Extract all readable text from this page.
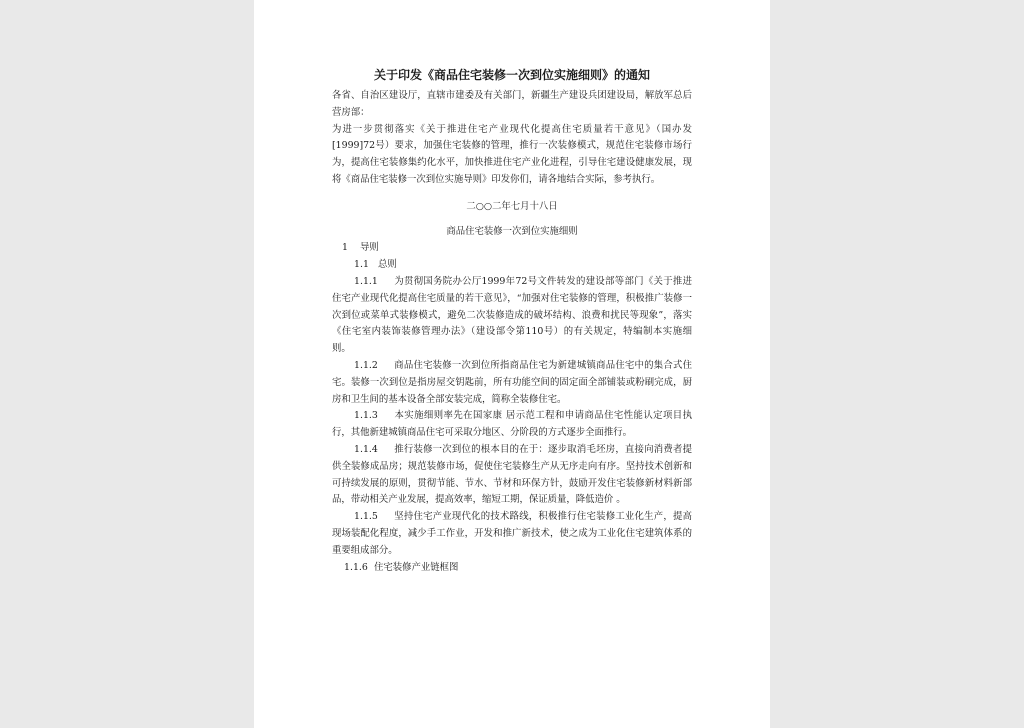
关于印发《商品住宅装修一次到位实施细则》的通知

各省、自治区建设厅，直辖市建委及有关部门，新疆生产建设兵团建设局，解放军总后营房部：

为进一步贯彻落实《关于推进住宅产业现代化提高住宅质量若干意见》（国办发[1999]72号）要求，加强住宅装修的管理，推行一次装修模式，规范住宅装修市场行为，提高住宅装修集约化水平，加快推进住宅产业化进程，引导住宅建设健康发展，现将《商品住宅装修一次到位实施导则》印发你们，请各地结合实际，参考执行。

二○○二年七月十八日

商品住宅装修一次到位实施细则

1 导则

1.1 总则

1.1.1 为贯彻国务院办公厅1999年72号文件转发的建设部等部门《关于推进住宅产业现代化提高住宅质量的若干意见》，“加强对住宅装修的管理，积极推广装修一次到位或菜单式装修模式，避免二次装修造成的破坏结构、浪费和扰民等现象”，落实《住宅室内装饰装修管理办法》（建设部令第110号）的有关规定，特编制本实施细则。

1.1.2 商品住宅装修一次到位所指商品住宅为新建城镇商品住宅中的集合式住宅。装修一次到位是指房屋交钥匙前，所有功能空间的固定面全部铺装或粉刷完成，厨房和卫生间的基本设备全部安装完成，简称全装修住宅。

1.1.3 本实施细则率先在国家康 居示范工程和申请商品住宅性能认定项目执行，其他新建城镇商品住宅可采取分地区、分阶段的方式逐步全面推行。

1.1.4 推行装修一次到位的根本目的在于：逐步取消毛坯房，直接向消费者提供全装修成品房；规范装修市场，促使住宅装修生产从无序走向有序。坚持技术创新和可持续发展的原则，贯彻节能、节水、节材和环保方针，鼓励开发住宅装修新材料新部品，带动相关产业发展，提高效率，缩短工期，保证质量，降低造价 。

1.1.5 坚持住宅产业现代化的技术路线，积极推行住宅装修工业化生产，提高现场装配化程度，减少手工作业，开发和推广新技术，使之成为工业化住宅建筑体系的重要组成部分。

1.1.6 住宅装修产业链框图
